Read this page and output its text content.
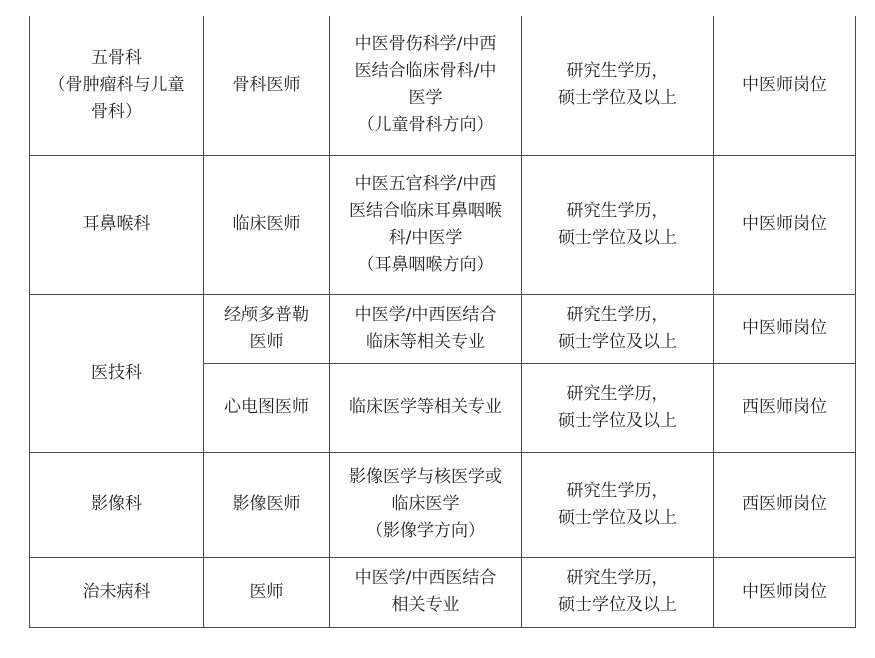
五骨科
（骨肿瘤科与儿童
骨科）	骨科医师	中医骨伤科学/中西
医结合临床骨科/中
医学
（儿童骨科方向）	研究生学历，
硕士学位及以上	中医师岗位
耳鼻喉科	临床医师	中医五官科学/中西
医结合临床耳鼻咽喉
科/中医学
（耳鼻咽喉方向）	研究生学历，
硕士学位及以上	中医师岗位
医技科	经颅多普勒
医师	中医学/中西医结合
临床等相关专业	研究生学历，
硕士学位及以上	中医师岗位
	心电图医师	临床医学等相关专业	研究生学历，
硕士学位及以上	西医师岗位
影像科	影像医师	影像医学与核医学或
临床医学
（影像学方向）	研究生学历，
硕士学位及以上	西医师岗位
治未病科	医师	中医学/中西医结合
相关专业	研究生学历，
硕士学位及以上	中医师岗位
